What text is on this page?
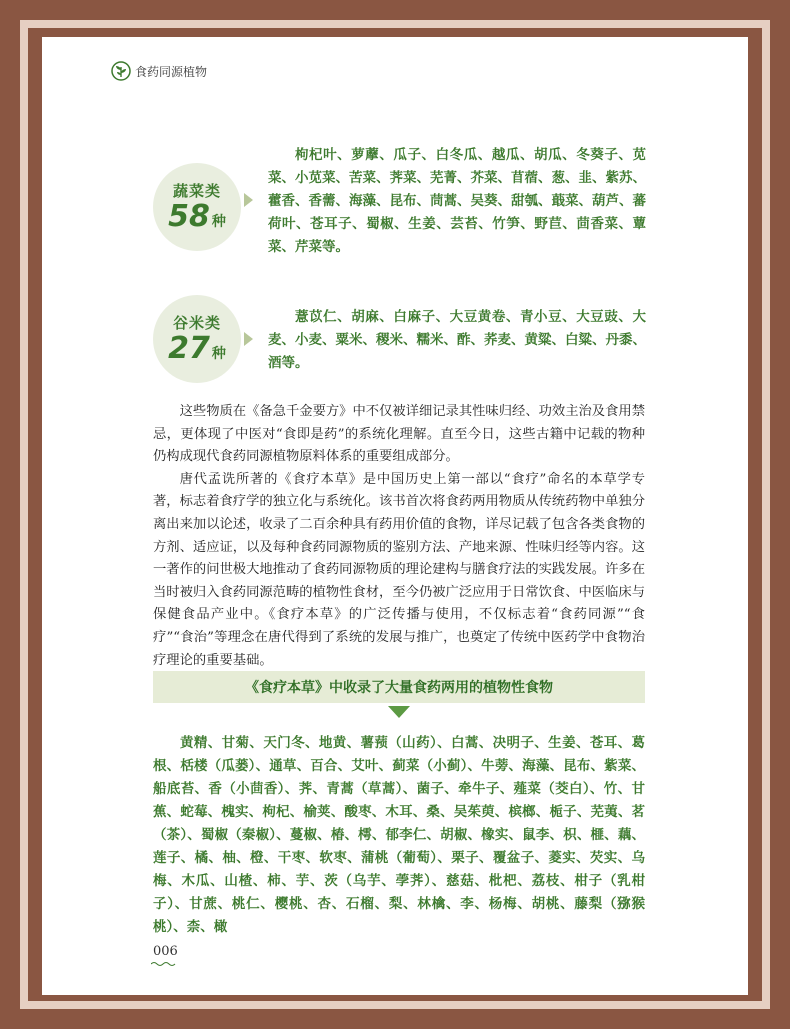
食药同源植物
蔬菜类
58 种
枸杞叶、萝藦、瓜子、白冬瓜、越瓜、胡瓜、冬葵子、苋菜、小苋菜、苦菜、荠菜、芜菁、芥菜、苜蓿、葱、韭、紫苏、藿香、香薷、海藻、昆布、茼蒿、吴葵、甜瓠、蕺菜、葫芦、蕃荷叶、苍耳子、蜀椒、生姜、芸苔、竹笋、野苣、茴香菜、蕈菜、芹菜等。
谷米类
27 种
薏苡仁、胡麻、白麻子、大豆黄卷、青小豆、大豆豉、大麦、小麦、粟米、稷米、糯米、酢、荞麦、黄粱、白粱、丹黍、酒等。

这些物质在《备急千金要方》中不仅被详细记录其性味归经、功效主治及食用禁忌，更体现了中医对“食即是药”的系统化理解。直至今日，这些古籍中记载的物种仍构成现代食药同源植物原料体系的重要组成部分。

唐代孟诜所著的《食疗本草》是中国历史上第一部以“食疗”命名的本草学专著，标志着食疗学的独立化与系统化。该书首次将食药两用物质从传统药物中单独分离出来加以论述，收录了二百余种具有药用价值的食物，详尽记载了包含各类食物的方剂、适应证，以及每种食药同源物质的鉴别方法、产地来源、性味归经等内容。这一著作的问世极大地推动了食药同源物质的理论建构与膳食疗法的实践发展。许多在当时被归入食药同源范畴的植物性食材，至今仍被广泛应用于日常饮食、中医临床与保健食品产业中。《食疗本草》的广泛传播与使用，不仅标志着“食药同源”“食疗”“食治”等理念在唐代得到了系统的发展与推广，也奠定了传统中医药学中食物治疗理论的重要基础。

《食疗本草》中收录了大量食药两用的植物性食物
黄精、甘菊、天门冬、地黄、薯蓣（山药）、白蒿、决明子、生姜、苍耳、葛根、栝楼（瓜蒌）、通草、百合、艾叶、蓟菜（小蓟）、牛蒡、海藻、昆布、紫菜、船底苔、香（小茴香）、荠、青蒿（草蒿）、菌子、牵牛子、薤菜（茭白）、竹、甘蕉、蛇莓、槐实、枸杞、榆荚、酸枣、木耳、桑、吴茱萸、槟榔、栀子、芜荑、茗（茶）、蜀椒（秦椒）、蔓椒、椿、樗、郁李仁、胡椒、橡实、鼠李、枳、榧、藕、莲子、橘、柚、橙、干枣、软枣、蒲桃（葡萄）、栗子、覆盆子、菱实、芡实、乌梅、木瓜、山楂、柿、芋、茨（乌芋、荸荠）、慈菇、枇杷、荔枝、柑子（乳柑子）、甘蔗、桃仁、樱桃、杏、石榴、梨、林檎、李、杨梅、胡桃、藤梨（猕猴桃）、柰、橄
006
